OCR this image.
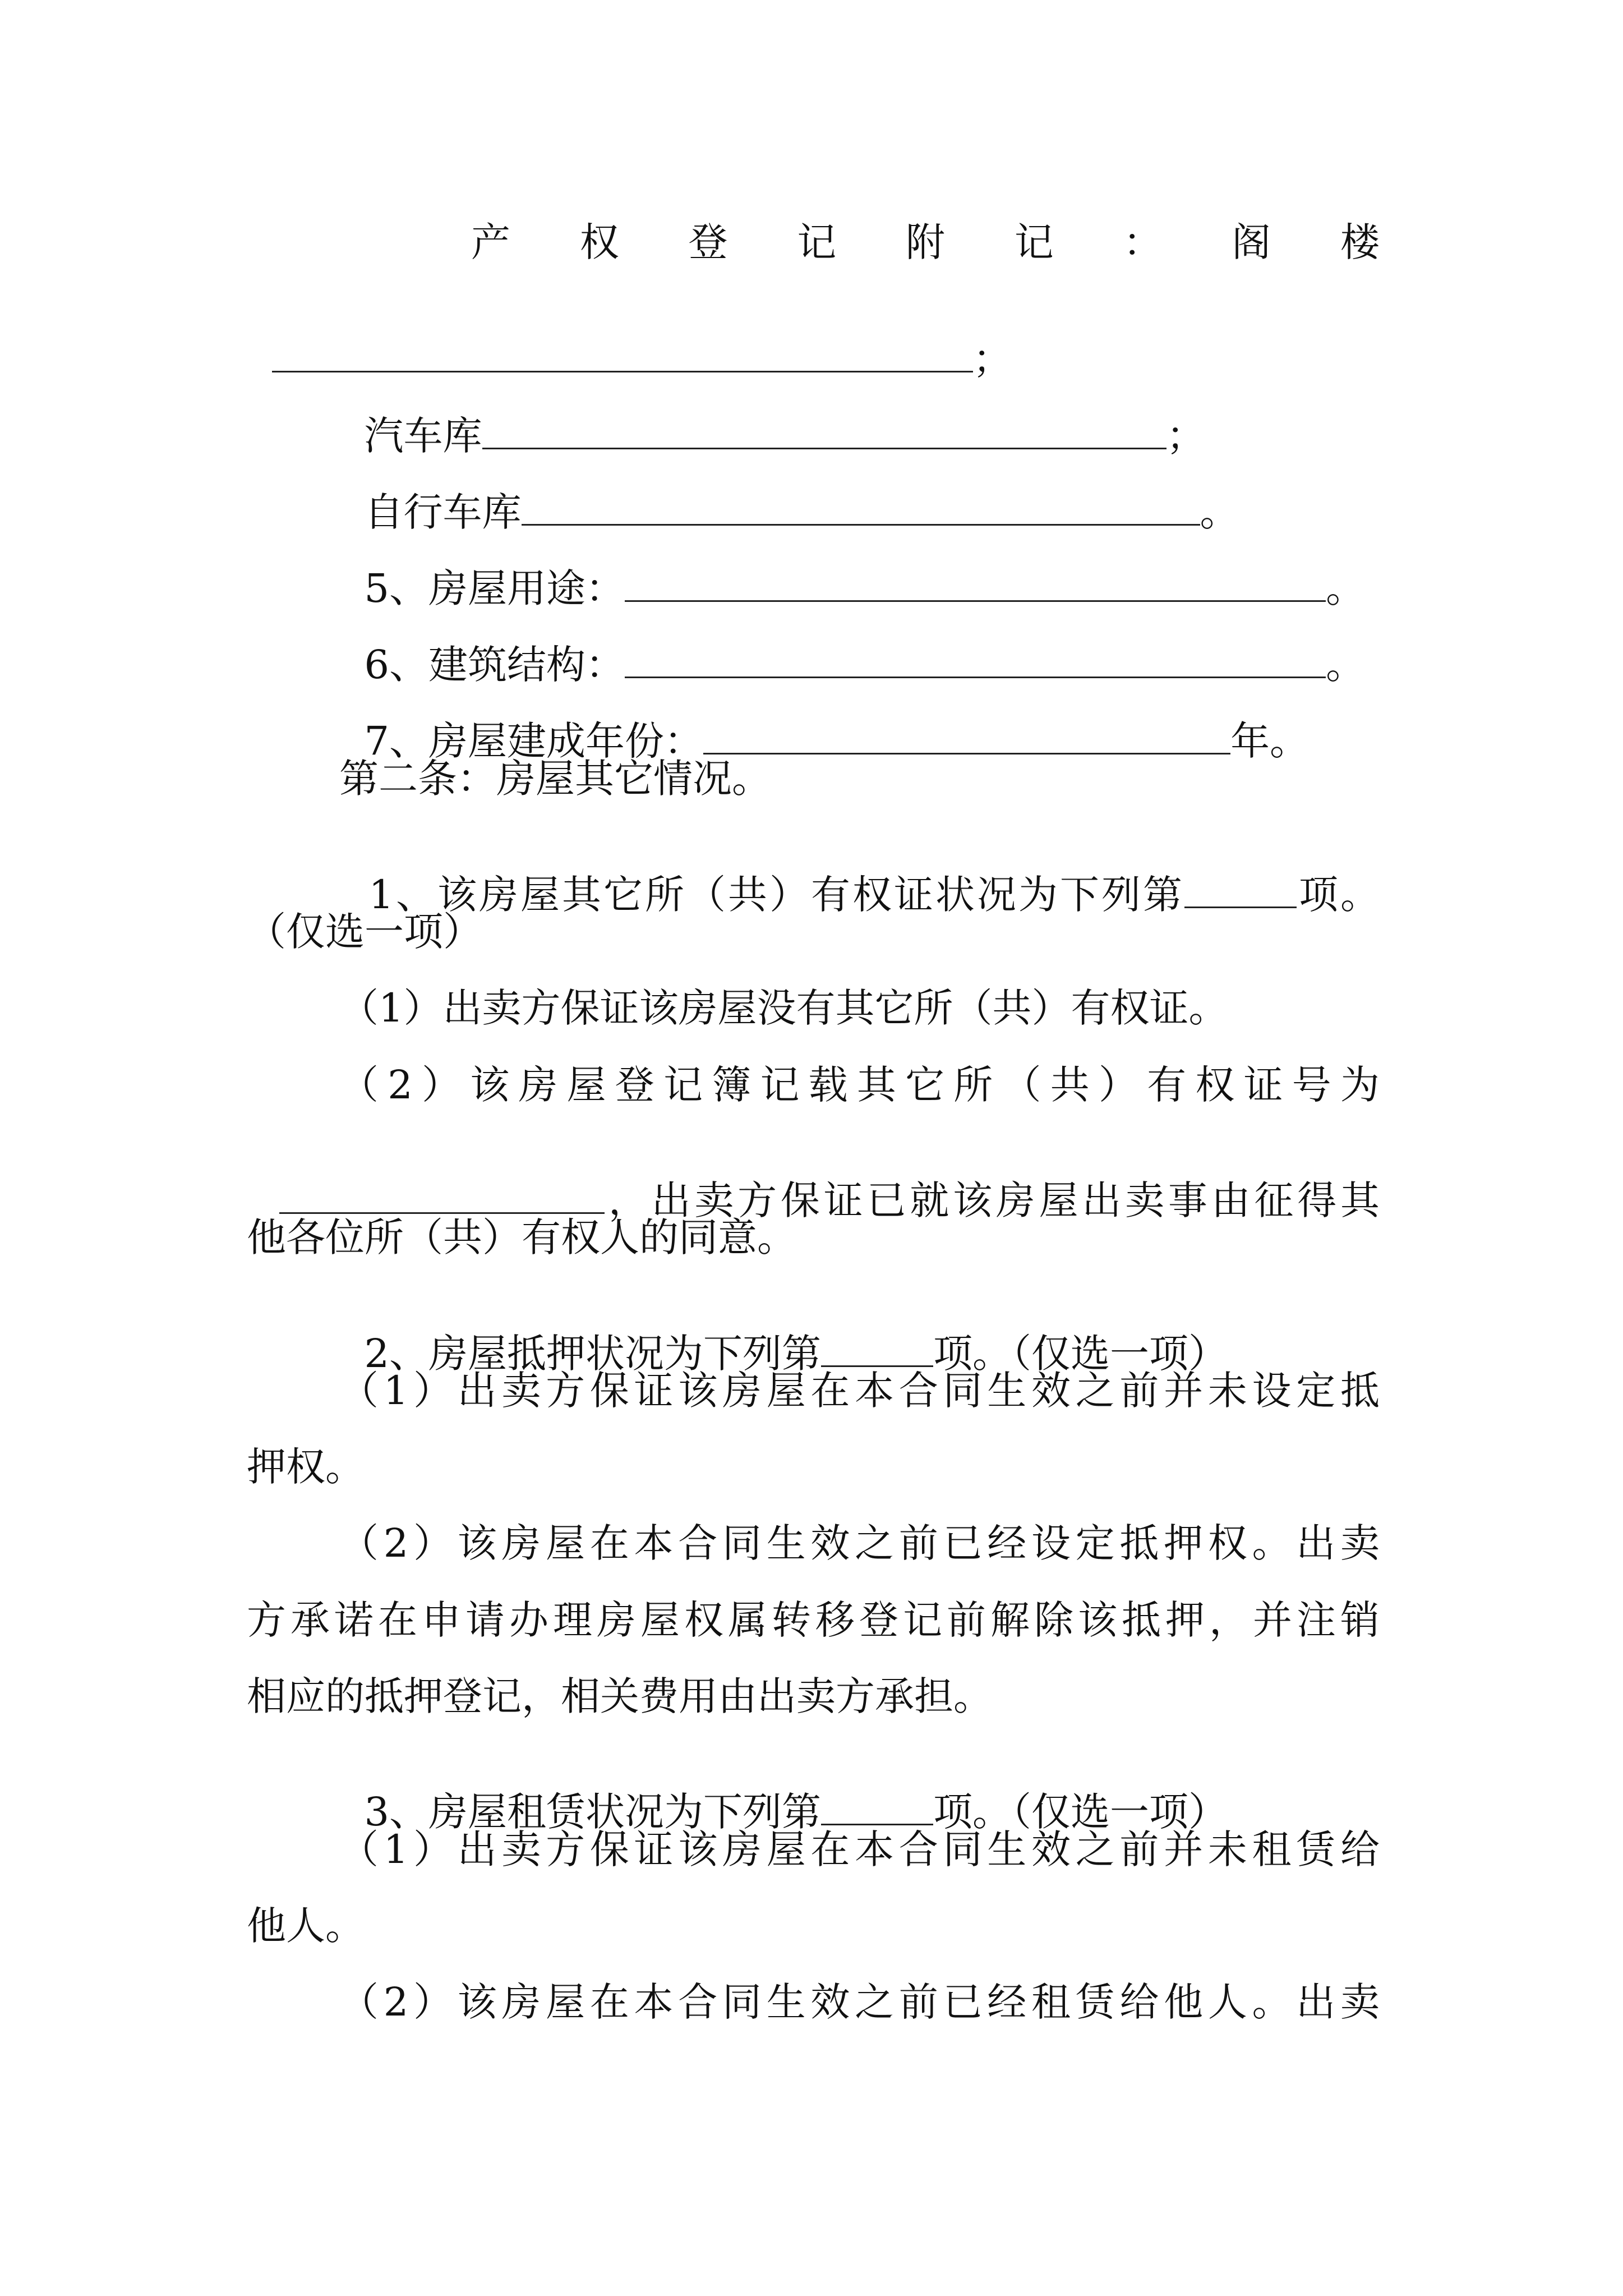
产 权 登 记 附 记 ： 阁 楼

；

汽车库	；

自行车库	。

5、房屋用途：	。

6、建筑结构：	。

7、房屋建成年份：	年。

第二条：房屋其它情况。

1、该房屋其它所（共）有权证状况为下列第	项。

（仅选一项）
（1）出卖方保证该房屋没有其它所（共）有权证。
（2）该房屋登记簿记载其它所（共）有权证号为

，出卖方保证已就该房屋出卖事由征得其

他各位所（共）有权人的同意。

2、房屋抵押状况为下列第	项。（仅选一项）

（1）出卖方保证该房屋在本合同生效之前并未设定抵
押权。
（2）该房屋在本合同生效之前已经设定抵押权。出卖
方承诺在申请办理房屋权属转移登记前解除该抵押，并注销
相应的抵押登记，相关费用由出卖方承担。

3、房屋租赁状况为下列第	项。（仅选一项）

（1）出卖方保证该房屋在本合同生效之前并未租赁给
他人。
（2）该房屋在本合同生效之前已经租赁给他人。出卖
